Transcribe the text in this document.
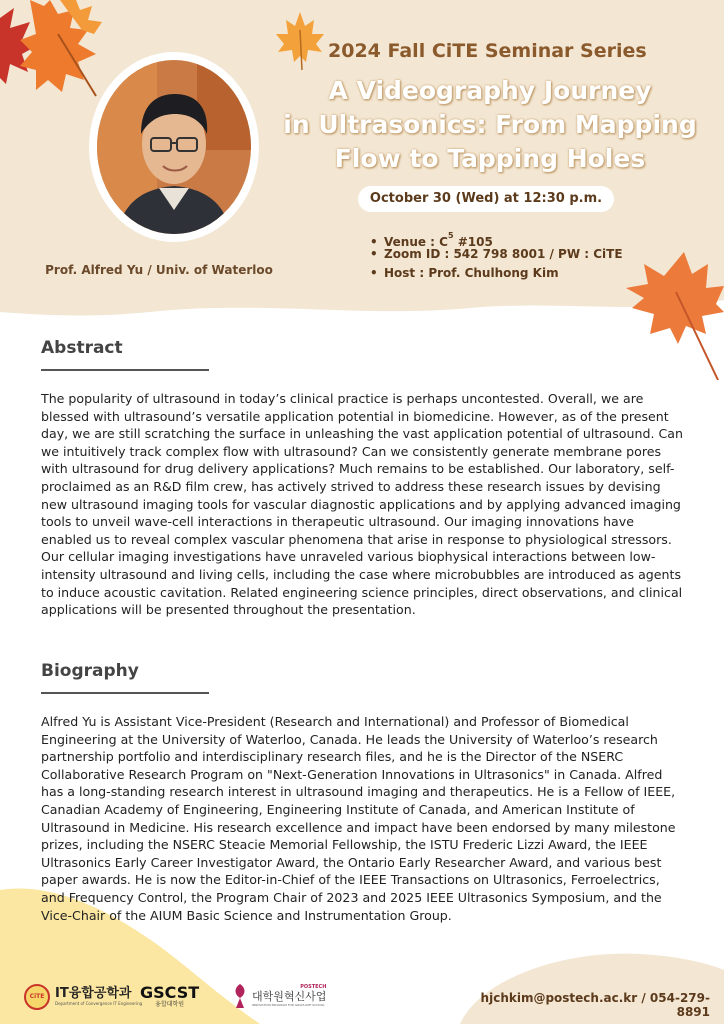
2024 Fall CiTE Seminar Series
A Videography Journey
in Ultrasonics: From Mapping
Flow to Tapping Holes
October 30 (Wed) at 12:30 p.m.
• Venue : $C^5$ #105
• Zoom ID : 542 798 8001 / PW : CiTE
• Host : Prof. Chulhong Kim
Prof. Alfred Yu / Univ. of Waterloo
Abstract
The popularity of ultrasound in today’s clinical practice is perhaps uncontested. Overall, we are blessed with ultrasound’s versatile application potential in biomedicine. However, as of the present day, we are still scratching the surface in unleashing the vast application potential of ultrasound. Can we intuitively track complex flow with ultrasound? Can we consistently generate membrane pores with ultrasound for drug delivery applications? Much remains to be established. Our laboratory, self-proclaimed as an R&D film crew, has actively strived to address these research issues by devising new ultrasound imaging tools for vascular diagnostic applications and by applying advanced imaging tools to unveil wave-cell interactions in therapeutic ultrasound. Our imaging innovations have enabled us to reveal complex vascular phenomena that arise in response to physiological stressors. Our cellular imaging investigations have unraveled various biophysical interactions between low-intensity ultrasound and living cells, including the case where microbubbles are introduced as agents to induce acoustic cavitation. Related engineering science principles, direct observations, and clinical applications will be presented throughout the presentation.
Biography
Alfred Yu is Assistant Vice-President (Research and International) and Professor of Biomedical Engineering at the University of Waterloo, Canada. He leads the University of Waterloo’s research partnership portfolio and interdisciplinary research files, and he is the Director of the NSERC Collaborative Research Program on "Next-Generation Innovations in Ultrasonics" in Canada. Alfred has a long-standing research interest in ultrasound imaging and therapeutics. He is a Fellow of IEEE, Canadian Academy of Engineering, Engineering Institute of Canada, and American Institute of Ultrasound in Medicine. His research excellence and impact have been endorsed by many milestone prizes, including the NSERC Steacie Memorial Fellowship, the ISTU Frederic Lizzi Award, the IEEE Ultrasonics Early Career Investigator Award, the Ontario Early Researcher Award, and various best paper awards. He is now the Editor-in-Chief of the IEEE Transactions on Ultrasonics, Ferroelectrics, and Frequency Control, the Program Chair of 2023 and 2025 IEEE Ultrasonics Symposium, and the Vice-Chair of the AIUM Basic Science and Instrumentation Group.
CiTE IT융합공학과
Department of Convergence IT Engineering
GSCST
융합대학원
POSTECH
대학원혁신사업
INNOVATION PROGRAM FOR GRADUATE SCHOOL	hjchkim@postech.ac.kr / 054-279-8891
